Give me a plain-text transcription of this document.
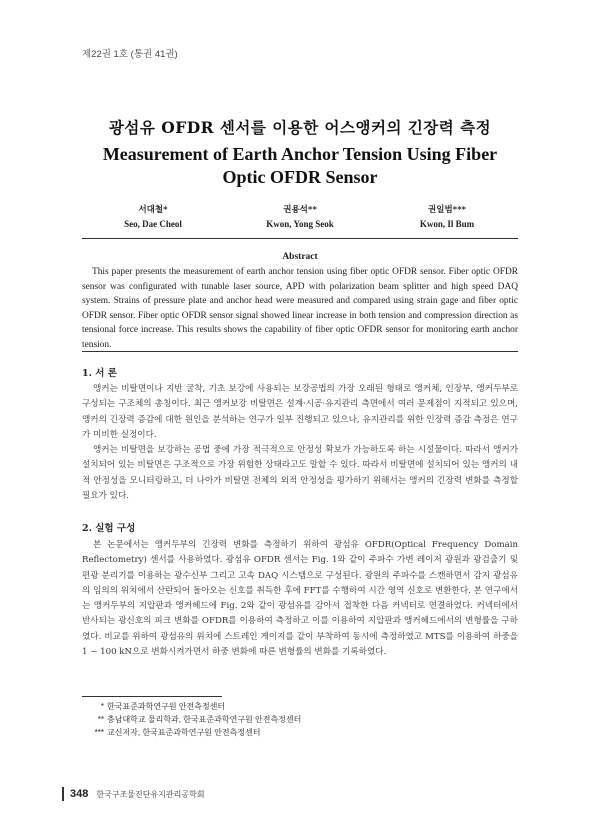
제22권 1호 (통권 41권)
광섬유 OFDR 센서를 이용한 어스앵커의 긴장력 측정
Measurement of Earth Anchor Tension Using Fiber Optic OFDR Sensor
서대철*
Seo, Dae Cheol
권용석**
Kwon, Yong Seok
권일범***
Kwon, Il Bum
Abstract
This paper presents the measurement of earth anchor tension using fiber optic OFDR sensor. Fiber optic OFDR sensor was configurated with tunable laser source, APD with polarization beam splitter and high speed DAQ system. Strains of pressure plate and anchor head were measured and compared using strain gage and fiber optic OFDR sensor. Fiber optic OFDR sensor signal showed linear increase in both tension and compression direction as tensional force increase. This results shows the capability of fiber optic OFDR sensor for monitoring earth anchor tension.
1. 서 론

앵커는 비탈면이나 지반 굴착, 기초 보강에 사용되는 보강공법의 가장 오래된 형태로 앵커체, 인장부, 앵커두부로 구성되는 구조체의 총칭이다. 최근 앵커보강 비탈면은 설계·시공·유지관리 측면에서 여러 문제점이 지적되고 있으며, 앵커의 긴장력 증감에 대한 원인을 분석하는 연구가 일부 진행되고 있으나, 유지관리를 위한 인장력 증감 측정은 연구가 미비한 실정이다.

앵커는 비탈면을 보강하는 공법 중에 가장 적극적으로 안정성 확보가 가능하도록 하는 시설물이다. 따라서 앵커가 설치되어 있는 비탈면은 구조적으로 가장 위험한 상태라고도 말할 수 있다. 따라서 비탈면에 설치되어 있는 앵커의 내적 안정성을 모니터링하고, 더 나아가 비탈면 전체의 외적 안정성을 평가하기 위해서는 앵커의 긴장력 변화를 측정할 필요가 있다.

2. 실험 구성

본 논문에서는 앵커두부의 긴장력 변화를 측정하기 위하여 광섬유 OFDR(Optical Frequency Domain Reflectometry) 센서를 사용하였다. 광섬유 OFDR 센서는 Fig. 1와 같이 주파수 가변 레이저 광원과 광검출기 및 편광 분리기를 이용하는 광수신부 그리고 고속 DAQ 시스템으로 구성된다. 광원의 주파수를 스캔하면서 감지 광섬유의 임의의 위치에서 산란되어 돌아오는 신호를 취득한 후에 FFT를 수행하여 시간 영역 신호로 변환한다. 본 연구에서는 앵커두부의 지압판과 앵커헤드에 Fig. 2와 같이 광섬유를 감아서 접착한 다음 커넥터로 연결하였다. 커넥터에서 반사되는 광신호의 피크 변화를 OFDR를 이용하여 측정하고 이를 이용하여 지압판과 앵커헤드에서의 변형률을 구하였다. 비교를 위하여 광섬유의 위치에 스트레인 게이지를 같이 부착하여 동시에 측정하였고 MTS를 이용하여 하중을 1 ~ 100 kN으로 변화시켜가면서 하중 변화에 따른 변형률의 변화를 기록하였다.

* 한국표준과학연구원 안전측정센터
** 충남대학교 물리학과, 한국표준과학연구원 안전측정센터
*** 교신저자, 한국표준과학연구원 안전측정센터
348 한국구조물진단유지관리공학회
